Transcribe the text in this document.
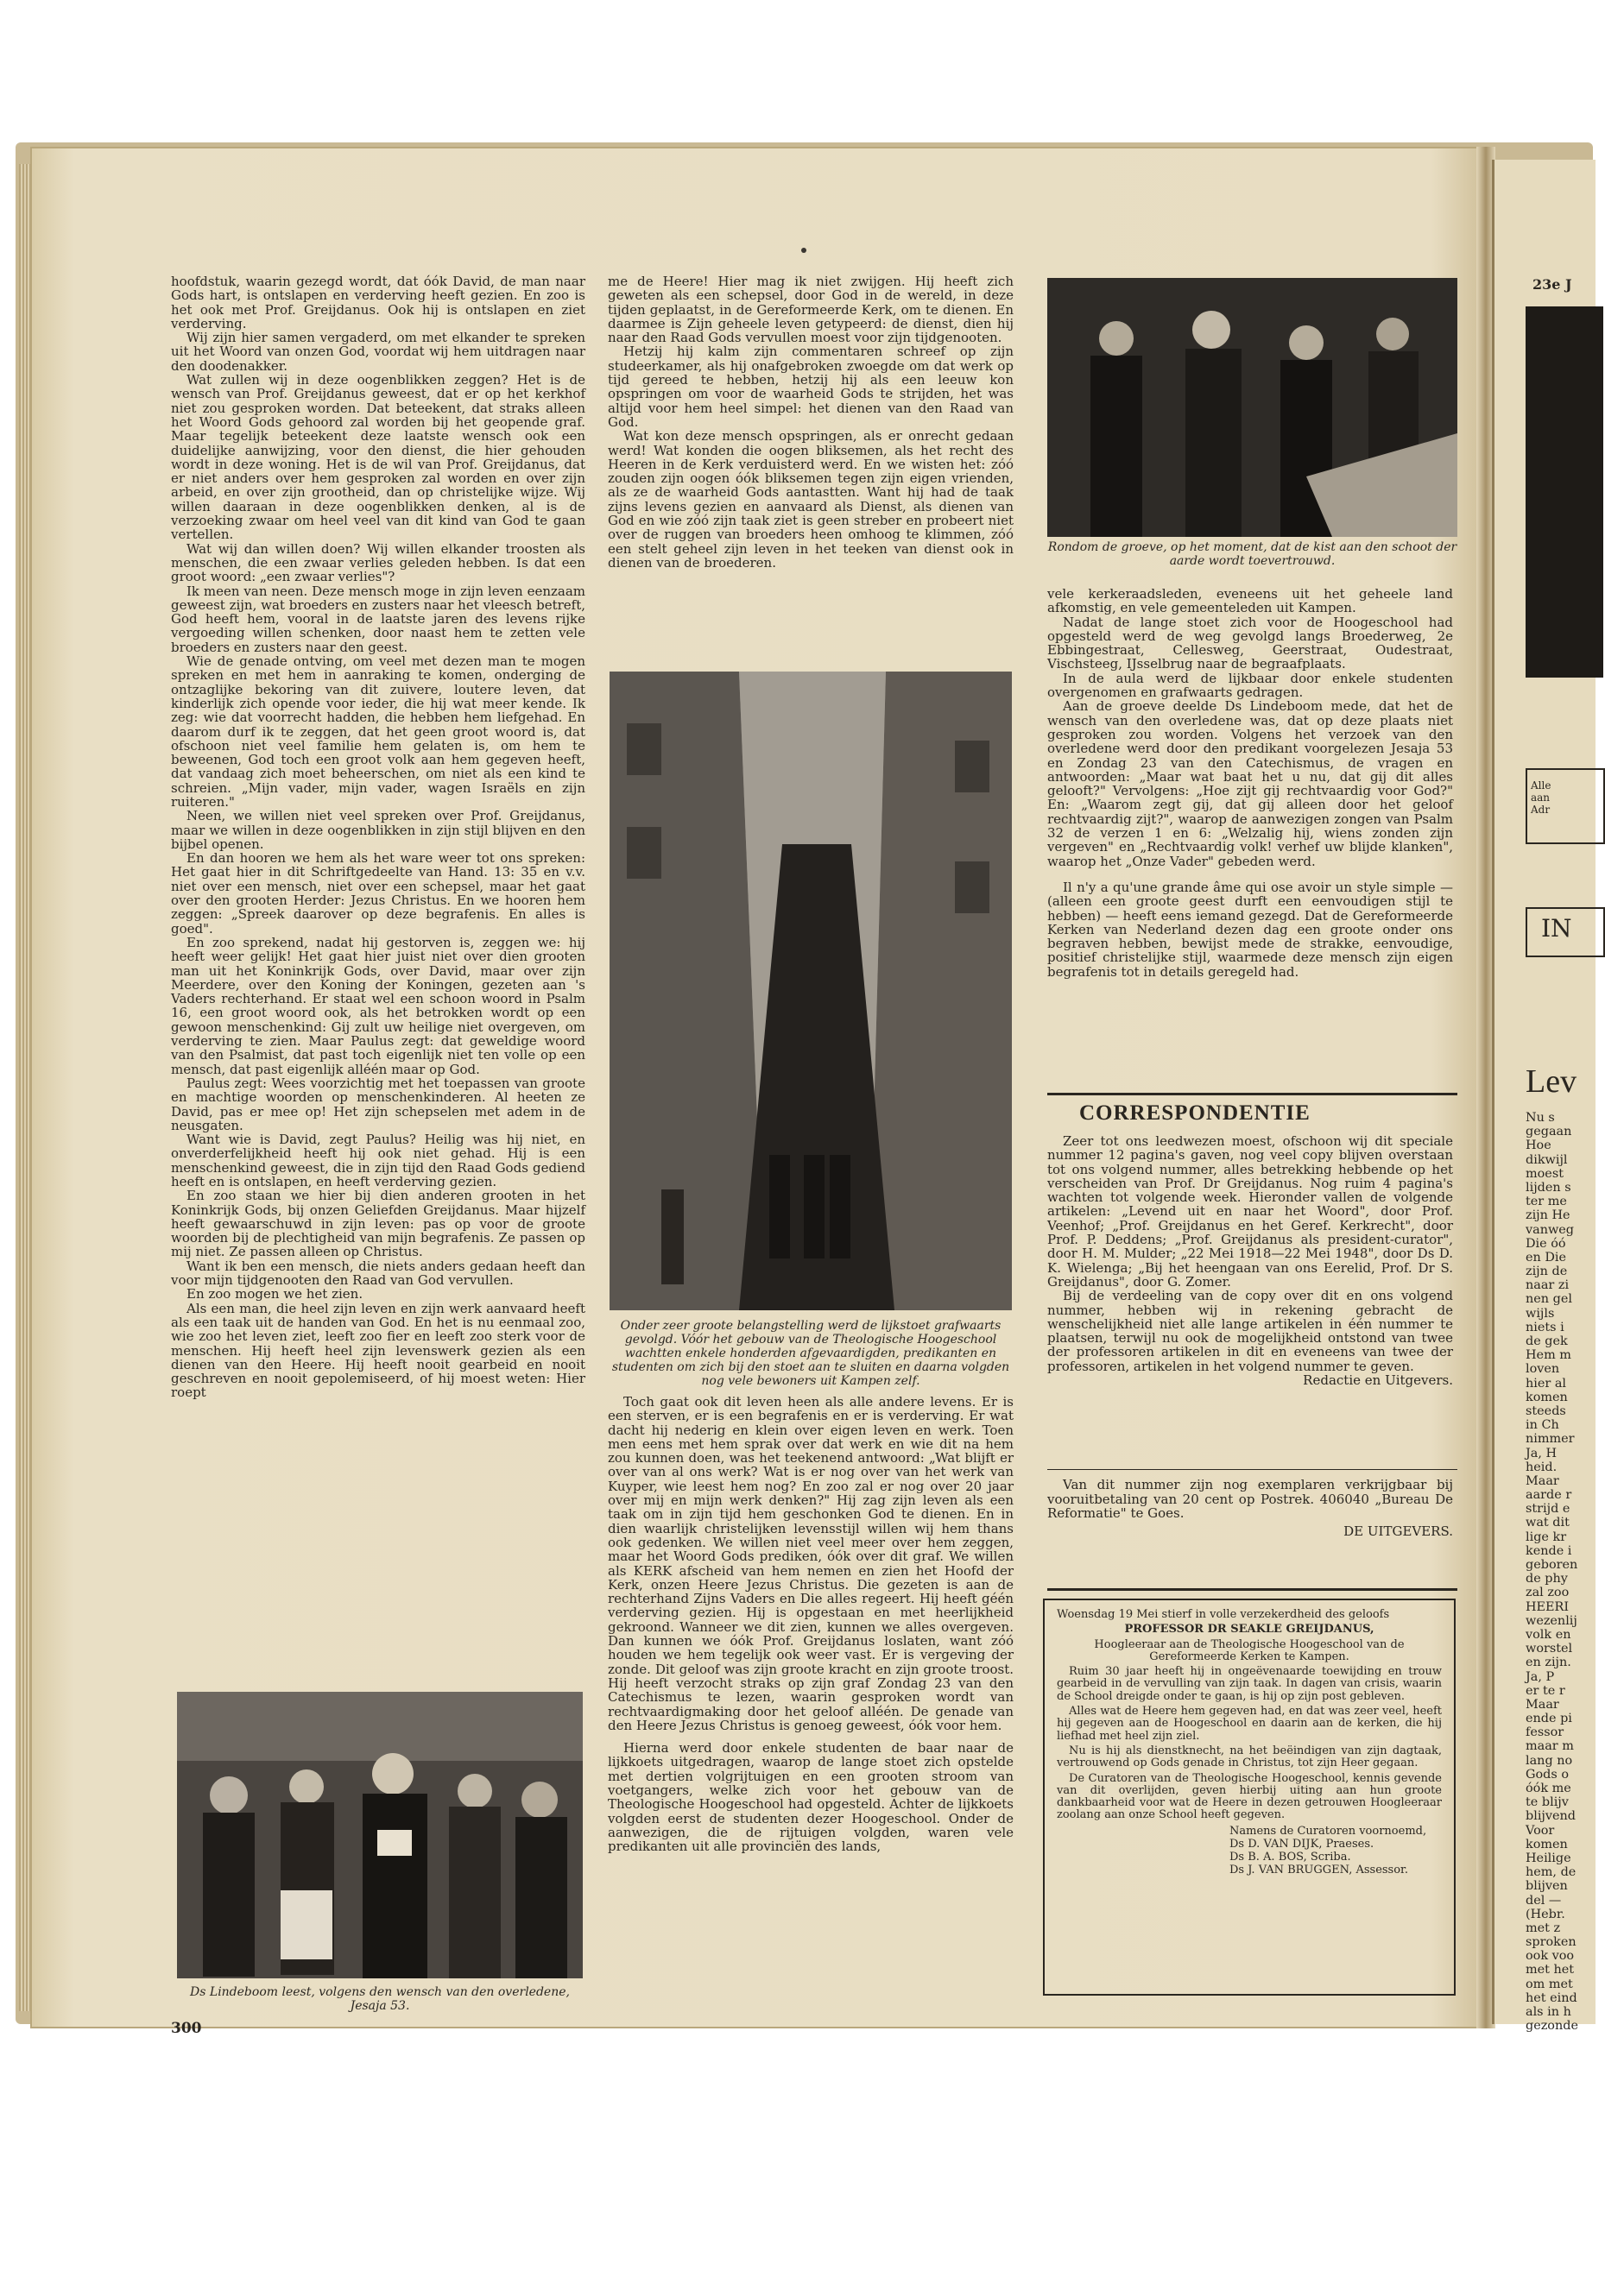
hoofdstuk, waarin gezegd wordt, dat óók David, de man naar Gods hart, is ontslapen en verderving heeft gezien. En zoo is het ook met Prof. Greijdanus. Ook hij is ontslapen en ziet verderving.

Wij zijn hier samen vergaderd, om met elkander te spreken uit het Woord van onzen God, voordat wij hem uitdragen naar den doodenakker.

Wat zullen wij in deze oogenblikken zeggen? Het is de wensch van Prof. Greijdanus geweest, dat er op het kerkhof niet zou gesproken worden. Dat beteekent, dat straks alleen het Woord Gods gehoord zal worden bij het geopende graf. Maar tegelijk beteekent deze laatste wensch ook een duidelijke aanwijzing, voor den dienst, die hier gehouden wordt in deze woning. Het is de wil van Prof. Greijdanus, dat er niet anders over hem gesproken zal worden en over zijn arbeid, en over zijn grootheid, dan op christelijke wijze. Wij willen daaraan in deze oogenblikken denken, al is de verzoeking zwaar om heel veel van dit kind van God te gaan vertellen.

Wat wij dan willen doen? Wij willen elkander troosten als menschen, die een zwaar verlies geleden hebben. Is dat een groot woord: „een zwaar verlies"?

Ik meen van neen. Deze mensch moge in zijn leven eenzaam geweest zijn, wat broeders en zusters naar het vleesch betreft, God heeft hem, vooral in de laatste jaren des levens rijke vergoeding willen schenken, door naast hem te zetten vele broeders en zusters naar den geest.

Wie de genade ontving, om veel met dezen man te mogen spreken en met hem in aanraking te komen, onderging de ontzaglijke bekoring van dit zuivere, loutere leven, dat kinderlijk zich opende voor ieder, die hij wat meer kende. Ik zeg: wie dat voorrecht hadden, die hebben hem liefgehad. En daarom durf ik te zeggen, dat het geen groot woord is, dat ofschoon niet veel familie hem gelaten is, om hem te beweenen, God toch een groot volk aan hem gegeven heeft, dat vandaag zich moet beheerschen, om niet als een kind te schreien. „Mijn vader, mijn vader, wagen Israëls en zijn ruiteren."

Neen, we willen niet veel spreken over Prof. Greijdanus, maar we willen in deze oogenblikken in zijn stijl blijven en den bijbel openen.

En dan hooren we hem als het ware weer tot ons spreken: Het gaat hier in dit Schriftgedeelte van Hand. 13: 35 en v.v. niet over een mensch, niet over een schepsel, maar het gaat over den grooten Herder: Jezus Christus. En we hooren hem zeggen: „Spreek daarover op deze begrafenis. En alles is goed".

En zoo sprekend, nadat hij gestorven is, zeggen we: hij heeft weer gelijk! Het gaat hier juist niet over dien grooten man uit het Koninkrijk Gods, over David, maar over zijn Meerdere, over den Koning der Koningen, gezeten aan 's Vaders rechterhand. Er staat wel een schoon woord in Psalm 16, een groot woord ook, als het betrokken wordt op een gewoon menschenkind: Gij zult uw heilige niet overgeven, om verderving te zien. Maar Paulus zegt: dat geweldige woord van den Psalmist, dat past toch eigenlijk niet ten volle op een mensch, dat past eigenlijk alléén maar op God.

Paulus zegt: Wees voorzichtig met het toepassen van groote en machtige woorden op menschenkinderen. Al heeten ze David, pas er mee op! Het zijn schepselen met adem in de neusgaten.

Want wie is David, zegt Paulus? Heilig was hij niet, en onverderfelijkheid heeft hij ook niet gehad. Hij is een menschenkind geweest, die in zijn tijd den Raad Gods gediend heeft en is ontslapen, en heeft verderving gezien.

En zoo staan we hier bij dien anderen grooten in het Koninkrijk Gods, bij onzen Geliefden Greijdanus. Maar hijzelf heeft gewaarschuwd in zijn leven: pas op voor de groote woorden bij de plechtigheid van mijn begrafenis. Ze passen op mij niet. Ze passen alleen op Christus.

Want ik ben een mensch, die niets anders gedaan heeft dan voor mijn tijdgenooten den Raad van God vervullen.

En zoo mogen we het zien.

Als een man, die heel zijn leven en zijn werk aanvaard heeft als een taak uit de handen van God. En het is nu eenmaal zoo, wie zoo het leven ziet, leeft zoo fier en leeft zoo sterk voor de menschen. Hij heeft heel zijn levenswerk gezien als een dienen van den Heere. Hij heeft nooit gearbeid en nooit geschreven en nooit gepolemiseerd, of hij moest weten: Hier roept

Ds Lindeboom leest, volgens den wensch van den overledene, Jesaja 53.
300

me de Heere! Hier mag ik niet zwijgen. Hij heeft zich geweten als een schepsel, door God in de wereld, in deze tijden geplaatst, in de Gereformeerde Kerk, om te dienen. En daarmee is Zijn geheele leven getypeerd: de dienst, dien hij naar den Raad Gods vervullen moest voor zijn tijdgenooten.

Hetzij hij kalm zijn commentaren schreef op zijn studeerkamer, als hij onafgebroken zwoegde om dat werk op tijd gereed te hebben, hetzij hij als een leeuw kon opspringen om voor de waarheid Gods te strijden, het was altijd voor hem heel simpel: het dienen van den Raad van God.

Wat kon deze mensch opspringen, als er onrecht gedaan werd! Wat konden die oogen bliksemen, als het recht des Heeren in de Kerk verduisterd werd. En we wisten het: zóó zouden zijn oogen óók bliksemen tegen zijn eigen vrienden, als ze de waarheid Gods aantastten. Want hij had de taak zijns levens gezien en aanvaard als Dienst, als dienen van God en wie zóó zijn taak ziet is geen streber en probeert niet over de ruggen van broeders heen omhoog te klimmen, zóó een stelt geheel zijn leven in het teeken van dienst ook in dienen van de broederen.

Onder zeer groote belangstelling werd de lijkstoet grafwaarts gevolgd. Vóór het gebouw van de Theologische Hoogeschool wachtten enkele honderden afgevaardigden, predikanten en studenten om zich bij den stoet aan te sluiten en daarna volgden nog vele bewoners uit Kampen zelf.

Toch gaat ook dit leven heen als alle andere levens. Er is een sterven, er is een begrafenis en er is verderving. Er wat dacht hij nederig en klein over eigen leven en werk. Toen men eens met hem sprak over dat werk en wie dit na hem zou kunnen doen, was het teekenend antwoord: „Wat blijft er over van al ons werk? Wat is er nog over van het werk van Kuyper, wie leest hem nog? En zoo zal er nog over 20 jaar over mij en mijn werk denken?" Hij zag zijn leven als een taak om in zijn tijd hem geschonken God te dienen. En in dien waarlijk christelijken levensstijl willen wij hem thans ook gedenken. We willen niet veel meer over hem zeggen, maar het Woord Gods prediken, óók over dit graf. We willen als KERK afscheid van hem nemen en zien het Hoofd der Kerk, onzen Heere Jezus Christus. Die gezeten is aan de rechterhand Zijns Vaders en Die alles regeert. Hij heeft géén verderving gezien. Hij is opgestaan en met heerlijkheid gekroond. Wanneer we dit zien, kunnen we alles overgeven. Dan kunnen we óók Prof. Greijdanus loslaten, want zóó houden we hem tegelijk ook weer vast. Er is vergeving der zonde. Dit geloof was zijn groote kracht en zijn groote troost. Hij heeft verzocht straks op zijn graf Zondag 23 van den Catechismus te lezen, waarin gesproken wordt van rechtvaardigmaking door het geloof alléén. De genade van den Heere Jezus Christus is genoeg geweest, óók voor hem.

Hierna werd door enkele studenten de baar naar de lijkkoets uitgedragen, waarop de lange stoet zich opstelde met dertien volgrijtuigen en een grooten stroom van voetgangers, welke zich voor het gebouw van de Theologische Hoogeschool had opgesteld. Achter de lijkkoets volgden eerst de studenten dezer Hoogeschool. Onder de aanwezigen, die de rijtuigen volgden, waren vele predikanten uit alle provinciën des lands,

Rondom de groeve, op het moment, dat de kist aan den schoot der aarde wordt toevertrouwd.

vele kerkeraadsleden, eveneens uit het geheele land afkomstig, en vele gemeenteleden uit Kampen.

Nadat de lange stoet zich voor de Hoogeschool had opgesteld werd de weg gevolgd langs Broederweg, 2e Ebbingestraat, Cellesweg, Geerstraat, Oudestraat, Vischsteeg, IJsselbrug naar de begraafplaats.

In de aula werd de lijkbaar door enkele studenten overgenomen en grafwaarts gedragen.

Aan de groeve deelde Ds Lindeboom mede, dat het de wensch van den overledene was, dat op deze plaats niet gesproken zou worden. Volgens het verzoek van den overledene werd door den predikant voorgelezen Jesaja 53 en Zondag 23 van den Catechismus, de vragen en antwoorden: „Maar wat baat het u nu, dat gij dit alles gelooft?" Vervolgens: „Hoe zijt gij rechtvaardig voor God?" En: „Waarom zegt gij, dat gij alleen door het geloof rechtvaardig zijt?", waarop de aanwezigen zongen van Psalm 32 de verzen 1 en 6: „Welzalig hij, wiens zonden zijn vergeven" en „Rechtvaardig volk! verhef uw blijde klanken", waarop het „Onze Vader" gebeden werd.

Il n'y a qu'une grande âme qui ose avoir un style simple — (alleen een groote geest durft een eenvoudigen stijl te hebben) — heeft eens iemand gezegd. Dat de Gereformeerde Kerken van Nederland dezen dag een groote onder ons begraven hebben, bewijst mede de strakke, eenvoudige, positief christelijke stijl, waarmede deze mensch zijn eigen begrafenis tot in details geregeld had.

CORRESPONDENTIE

Zeer tot ons leedwezen moest, ofschoon wij dit speciale nummer 12 pagina's gaven, nog veel copy blijven overstaan tot ons volgend nummer, alles betrekking hebbende op het verscheiden van Prof. Dr Greijdanus. Nog ruim 4 pagina's wachten tot volgende week. Hieronder vallen de volgende artikelen: „Levend uit en naar het Woord", door Prof. Veenhof; „Prof. Greijdanus en het Geref. Kerkrecht", door Prof. P. Deddens; „Prof. Greijdanus als president-curator", door H. M. Mulder; „22 Mei 1918—22 Mei 1948", door Ds D. K. Wielenga; „Bij het heengaan van ons Eerelid, Prof. Dr S. Greijdanus", door G. Zomer.

Bij de verdeeling van de copy over dit en ons volgend nummer, hebben wij in rekening gebracht de wenschelijkheid niet alle lange artikelen in één nummer te plaatsen, terwijl nu ook de mogelijkheid ontstond van twee der professoren artikelen in dit en eveneens van twee der professoren, artikelen in het volgend nummer te geven.

Redactie en Uitgevers.

Van dit nummer zijn nog exemplaren verkrijgbaar bij vooruitbetaling van 20 cent op Postrek. 406040 „Bureau De Reformatie" te Goes.

DE UITGEVERS.

Woensdag 19 Mei stierf in volle verzekerdheid des geloofs

PROFESSOR DR SEAKLE GREIJDANUS,

Hoogleeraar aan de Theologische Hoogeschool van de Gereformeerde Kerken te Kampen.

Ruim 30 jaar heeft hij in ongeëvenaarde toewijding en trouw gearbeid in de vervulling van zijn taak. In dagen van crisis, waarin de School dreigde onder te gaan, is hij op zijn post gebleven.

Alles wat de Heere hem gegeven had, en dat was zeer veel, heeft hij gegeven aan de Hoogeschool en daarin aan de kerken, die hij liefhad met heel zijn ziel.

Nu is hij als dienstknecht, na het beëindigen van zijn dagtaak, vertrouwend op Gods genade in Christus, tot zijn Heer gegaan.

De Curatoren van de Theologische Hoogeschool, kennis gevende van dit overlijden, geven hierbij uiting aan hun groote dankbaarheid voor wat de Heere in dezen getrouwen Hoogleeraar zoolang aan onze School heeft gegeven.

Namens de Curatoren voornoemd,

Ds D. VAN DIJK, Praeses.

Ds B. A. BOS, Scriba.

Ds J. VAN BRUGGEN, Assessor.

23e J
Alle
aan
Adr
IN
Lev
Nu s
gegaan
Hoe
dikwijl
moest
lijden s
ter me
zijn He
vanweg
Die óó
en Die
zijn de
naar zi
nen gel
wijls
niets i
de gek
Hem m
loven
hier al
komen
steeds
in Ch
nimmer
Ja, H
heid.
Maar
aarde r
strijd e
wat dit
lige kr
kende i
geboren
de phy
zal zoo
HEERI
wezenlij
volk en
worstel
en zijn.
Ja, P
er te r
Maar
ende pi
fessor
maar m
lang no
Gods o
óók me
te blijv
blijvend
Voor
komen
Heilige
hem, de
blijven
del —
(Hebr.
met z
sproken
ook voo
met het
om met
het eind
als in h
gezonde
